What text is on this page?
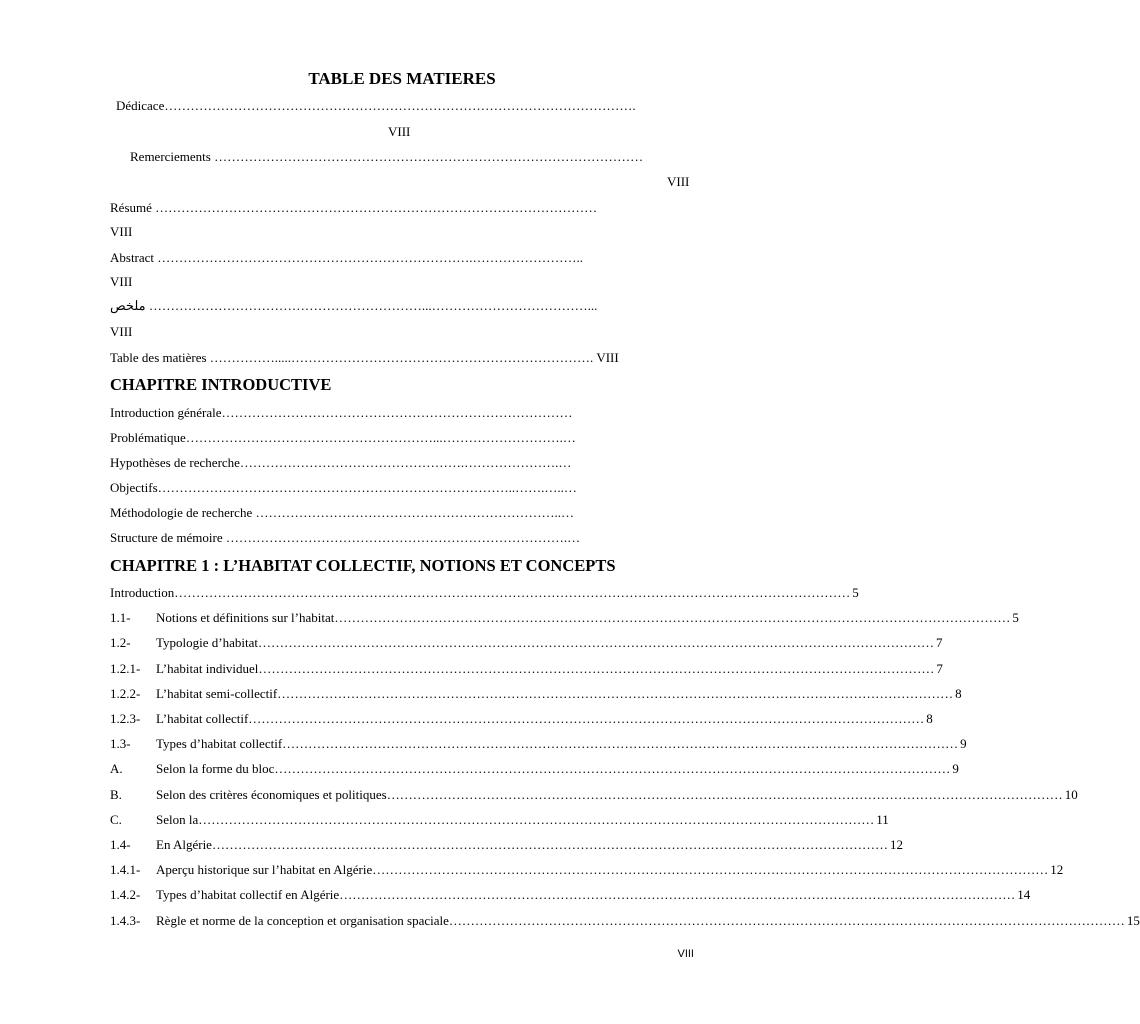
TABLE DES MATIERES
Dédicace……………………………………………………………………………………………….
VIII
Remerciements ………………………………………………………………………………………
VIII
Résumé …………………………………………………………………………………………
VIII
Abstract ……………………………………………………………….……………………..
VIII
ملخص ………………………………………………………...………………………………...
VIII
Table des matières …………….....……………………………………………………………. VIII
CHAPITRE INTRODUCTIVE
Introduction générale………………………………………………………………………
Problématique…………………………………………………...……………………….…
Hypothèses de recherche…………………………………………….………………….…
Objectifs………………………………………………………………………..…….…..…
Méthodologie de recherche ……………………………………………………………..…
Structure de mémoire …………………………………………………………………….…
CHAPITRE 1 : L’HABITAT COLLECTIF, NOTIONS ET CONCEPTS
Introduction ………………………………………………………………………………………………………………………………………… 5
1.1-	Notions et définitions sur l’habitat ………………………………………………………………………………………………………………………………………… 5
1.2-	Typologie d’habitat ………………………………………………………………………………………………………………………………………… 7
1.2.1-	L’habitat individuel ………………………………………………………………………………………………………………………………………… 7
1.2.2-	L’habitat semi-collectif ………………………………………………………………………………………………………………………………………… 8
1.2.3-	L’habitat collectif ………………………………………………………………………………………………………………………………………… 8
1.3-	Types d’habitat collectif ………………………………………………………………………………………………………………………………………… 9
A.	Selon la forme du bloc ………………………………………………………………………………………………………………………………………… 9
B.	Selon des critères économiques et politiques ………………………………………………………………………………………………………………………………………… 10
C.	Selon la ………………………………………………………………………………………………………………………………………… 11
1.4-	En Algérie ………………………………………………………………………………………………………………………………………… 12
1.4.1-	Aperçu historique sur l’habitat en Algérie ………………………………………………………………………………………………………………………………………… 12
1.4.2-	Types d’habitat collectif en Algérie ………………………………………………………………………………………………………………………………………… 14
1.4.3-	Règle et norme de la conception et organisation spaciale ………………………………………………………………………………………………………………………………………… 15
VIII
